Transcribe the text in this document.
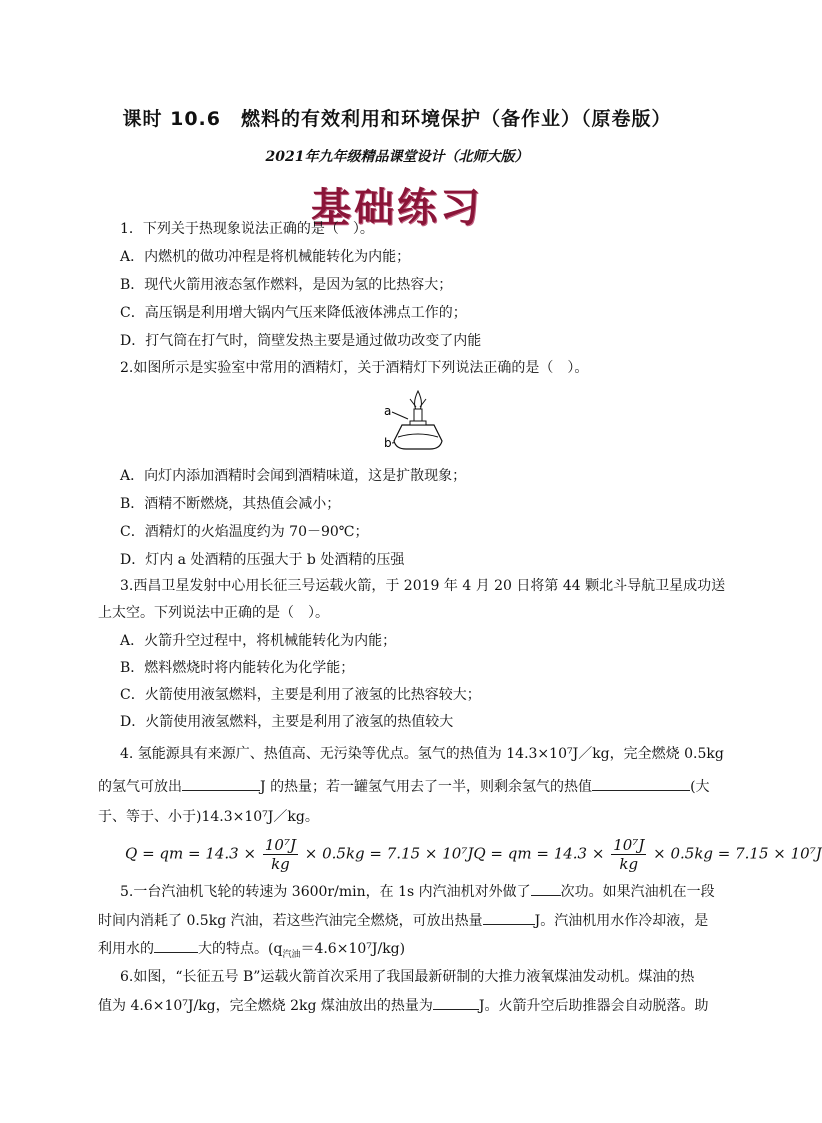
课时 10.6　燃料的有效利用和环境保护（备作业）（原卷版）
2021年九年级精品课堂设计（北师大版）
基础练习
1．下列关于热现象说法正确的是（　）。
A．内燃机的做功冲程是将机械能转化为内能；
B．现代火箭用液态氢作燃料，是因为氢的比热容大；
C．高压锅是利用增大锅内气压来降低液体沸点工作的；
D．打气筒在打气时，筒壁发热主要是通过做功改变了内能
2.如图所示是实验室中常用的酒精灯，关于酒精灯下列说法正确的是（　）。
a
b
A．向灯内添加酒精时会闻到酒精味道，这是扩散现象；
B．酒精不断燃烧，其热值会减小；
C．酒精灯的火焰温度约为 70－90℃；
D．灯内 a 处酒精的压强大于 b 处酒精的压强
3.西昌卫星发射中心用长征三号运载火箭，于 2019 年 4 月 20 日将第 44 颗北斗导航卫星成功送
上太空。下列说法中正确的是（　）。
A．火箭升空过程中，将机械能转化为内能；
B．燃料燃烧时将内能转化为化学能；
C．火箭使用液氢燃料，主要是利用了液氢的比热容较大；
D．火箭使用液氢燃料，主要是利用了液氢的热值较大
4. 氢能源具有来源广、热值高、无污染等优点。氢气的热值为 14.3×10⁷J／kg，完全燃烧 0.5kg
的氢气可放出	J 的热量；若一罐氢气用去了一半，则剩余氢气的热值	(大
于、等于、小于)14.3×10⁷J／kg。
Q = qm = $14.3 \times \frac{\text{10⁷J}}{kg} \times 0.5kg = 7.15 \times 10^7JQ$ = qm = $14.3 \times \frac{\text{10⁷J}}{kg} \times 0.5kg = 7.15 \times 10^7J$
5.一台汽油机飞轮的转速为 3600r/min，在 1s 内汽油机对外做了 次功。如果汽油机在一段
时间内消耗了 0.5kg 汽油，若这些汽油完全燃烧，可放出热量	J。汽油机用水作冷却液，是
利用水的	大的特点。$(q_{汽油}=4.6\times 10^7J/kg)$
6.如图，“长征五号 B”运载火箭首次采用了我国最新研制的大推力液氧煤油发动机。煤油的热
值为 4.6×10⁷J/kg，完全燃烧 2kg 煤油放出的热量为	J。火箭升空后助推器会自动脱落。助
